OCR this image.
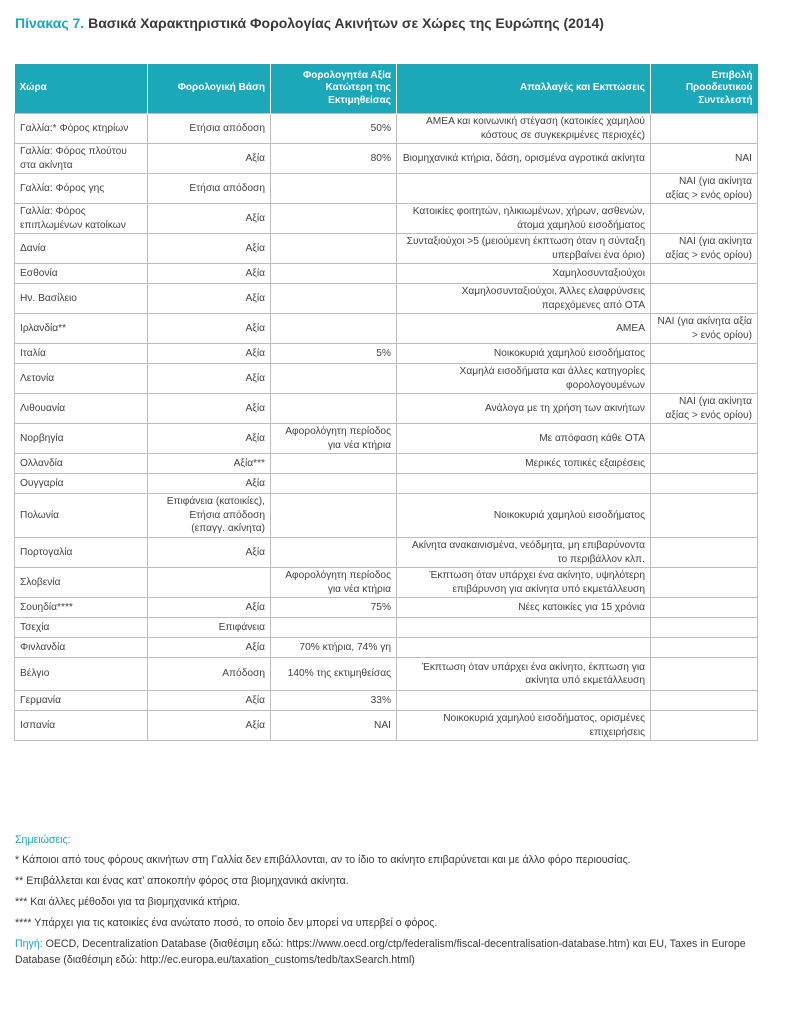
Πίνακας 7. Βασικά Χαρακτηριστικά Φορολογίας Ακινήτων σε Χώρες της Ευρώπης (2014)
Χώρα	Φορολογική Βάση	Φορολογητέα Αξία Κατώτερη της Εκτιμηθείσας	Απαλλαγές και Εκπτώσεις	Επιβολή Προοδευτικού Συντελεστή
Γαλλία:* Φόρος κτηρίων	Ετήσια απόδοση	50%	ΑΜΕΑ και κοινωνική στέγαση (κατοικίες χαμηλού κόστους σε συγκεκριμένες περιοχές)	
Γαλλία: Φόρος πλούτου στα ακίνητα	Αξία	80%	Βιομηχανικά κτήρια, δάση, ορισμένα αγροτικά ακίνητα	ΝΑΙ
Γαλλία: Φόρος γης	Ετήσια απόδοση			ΝΑΙ (για ακίνητα αξίας > ενός ορίου)
Γαλλία: Φόρος επιπλωμένων κατοίκων	Αξία		Κατοικίες φοιτητών, ηλικιωμένων, χήρων, ασθενών, άτομα χαμηλού εισοδήματος	
Δανία	Αξία		Συνταξιούχοι >5 (μειούμενη έκπτωση όταν η σύνταξη υπερβαίνει ένα όριο)	ΝΑΙ (για ακίνητα αξίας > ενός ορίου)
Εσθονία	Αξία		Χαμηλοσυνταξιούχοι	
Ην. Βασίλειο	Αξία		Χαμηλοσυνταξιούχοι, Άλλες ελαφρύνσεις παρεχόμενες από ΟΤΑ	
Ιρλανδία**	Αξία		ΑΜΕΑ	ΝΑΙ (για ακίνητα αξία > ενός ορίου)
Ιταλία	Αξία	5%	Νοικοκυριά χαμηλού εισοδήματος	
Λετονία	Αξία		Χαμηλά εισοδήματα και άλλες κατηγορίες φορολογουμένων	
Λιθουανία	Αξία		Ανάλογα με τη χρήση των ακινήτων	ΝΑΙ (για ακίνητα αξίας > ενός ορίου)
Νορβηγία	Αξία	Αφορολόγητη περίοδος για νέα κτήρια	Με απόφαση κάθε ΟΤΑ	
Ολλανδία	Αξία***		Μερικές τοπικές εξαιρέσεις	
Ουγγαρία	Αξία			
Πολωνία	Επιφάνεια (κατοικίες), Ετήσια απόδοση (επαγγ. ακίνητα)		Νοικοκυριά χαμηλού εισοδήματος	
Πορτογαλία	Αξία		Ακίνητα ανακαινισμένα, νεόδμητα, μη επιβαρύνοντα το περιβάλλον κλπ.	
Σλοβενία		Αφορολόγητη περίοδος για νέα κτήρια	Έκπτωση όταν υπάρχει ένα ακίνητο, υψηλότερη επιβάρυνση για ακίνητα υπό εκμετάλλευση	
Σουηδία****	Αξία	75%	Νέες κατοικίες για 15 χρόνια	
Τσεχία	Επιφάνεια			
Φινλανδία	Αξία	70% κτήρια, 74% γη		
Βέλγιο	Απόδοση	140% της εκτιμηθείσας	Έκπτωση όταν υπάρχει ένα ακίνητο, έκπτωση για ακίνητα υπό εκμετάλλευση	
Γερμανία	Αξία	33%		
Ισπανία	Αξία	ΝΑΙ	Νοικοκυριά χαμηλού εισοδήματος, ορισμένες επιχειρήσεις	
Σημειώσεις:

* Κάποιοι από τους φόρους ακινήτων στη Γαλλία δεν επιβάλλονται, αν το ίδιο το ακίνητο επιβαρύνεται και με άλλο φόρο περιουσίας.

** Επιβάλλεται και ένας κατ’ αποκοπήν φόρος στα βιομηχανικά ακίνητα.

*** Και άλλες μέθοδοι για τα βιομηχανικά κτήρια.

**** Υπάρχει για τις κατοικίες ένα ανώτατο ποσό, το οποίο δεν μπορεί να υπερβεί ο φόρος.

Πηγή: OECD, Decentralization Database (διαθέσιμη εδώ: https://www.oecd.org/ctp/federalism/fiscal-decentralisation-database.htm) και EU, Taxes in Europe Database (διαθέσιμη εδώ: http://ec.europa.eu/taxation_customs/tedb/taxSearch.html)
